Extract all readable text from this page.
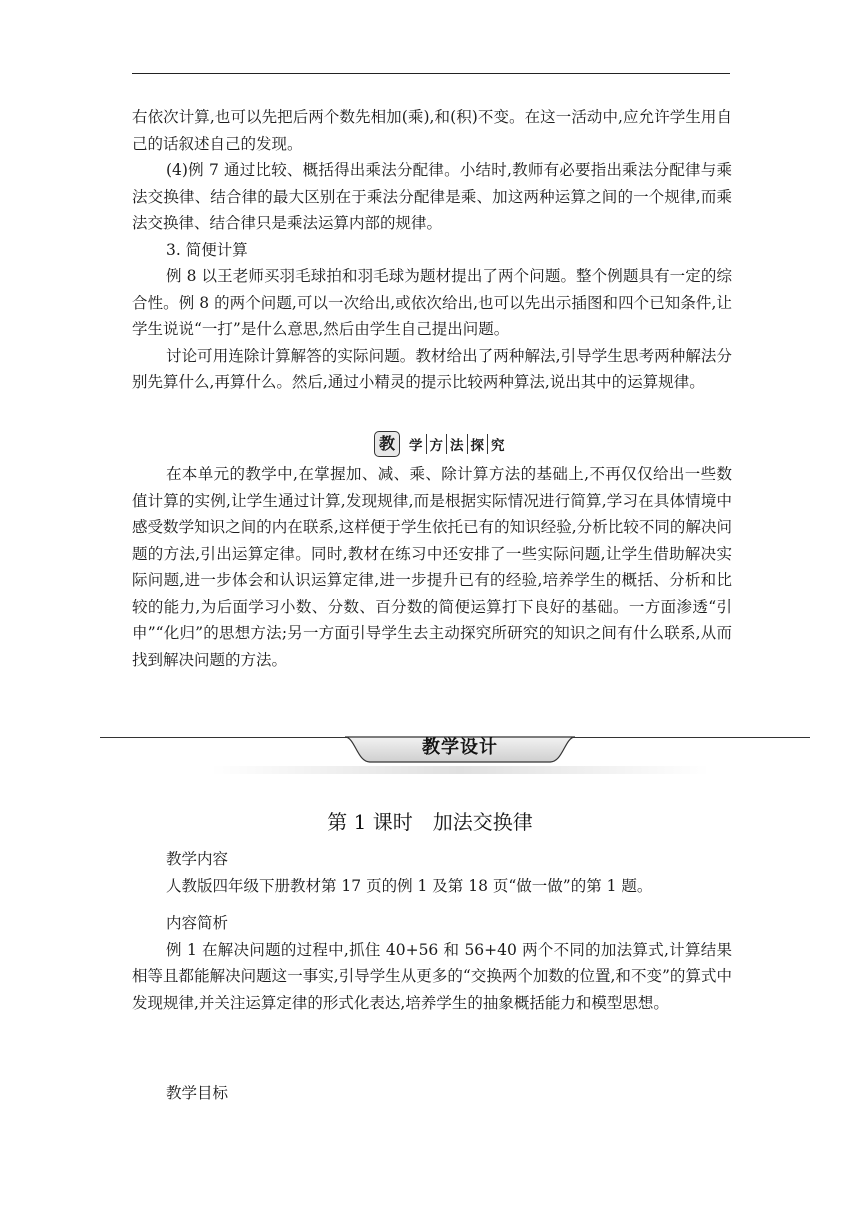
右依次计算,也可以先把后两个数先相加(乘),和(积)不变。在这一活动中,应允许学生用自己的话叙述自己的发现。

(4)例 7 通过比较、概括得出乘法分配律。小结时,教师有必要指出乘法分配律与乘法交换律、结合律的最大区别在于乘法分配律是乘、加这两种运算之间的一个规律,而乘法交换律、结合律只是乘法运算内部的规律。

3. 简便计算

例 8 以王老师买羽毛球拍和羽毛球为题材提出了两个问题。整个例题具有一定的综合性。例 8 的两个问题,可以一次给出,或依次给出,也可以先出示插图和四个已知条件,让学生说说“一打”是什么意思,然后由学生自己提出问题。

讨论可用连除计算解答的实际问题。教材给出了两种解法,引导学生思考两种解法分别先算什么,再算什么。然后,通过小精灵的提示比较两种算法,说出其中的运算规律。

教	学 方 法 探 究

在本单元的教学中,在掌握加、减、乘、除计算方法的基础上,不再仅仅给出一些数值计算的实例,让学生通过计算,发现规律,而是根据实际情况进行简算,学习在具体情境中感受数学知识之间的内在联系,这样便于学生依托已有的知识经验,分析比较不同的解决问题的方法,引出运算定律。同时,教材在练习中还安排了一些实际问题,让学生借助解决实际问题,进一步体会和认识运算定律,进一步提升已有的经验,培养学生的概括、分析和比较的能力,为后面学习小数、分数、百分数的简便运算打下良好的基础。一方面渗透“引申”“化归”的思想方法;另一方面引导学生去主动探究所研究的知识之间有什么联系,从而找到解决问题的方法。

教学设计
第 1 课时　加法交换律

教学内容

人教版四年级下册教材第 17 页的例 1 及第 18 页“做一做”的第 1 题。

内容简析

例 1 在解决问题的过程中,抓住 40+56 和 56+40 两个不同的加法算式,计算结果相等且都能解决问题这一事实,引导学生从更多的“交换两个加数的位置,和不变”的算式中发现规律,并关注运算定律的形式化表达,培养学生的抽象概括能力和模型思想。

教学目标
